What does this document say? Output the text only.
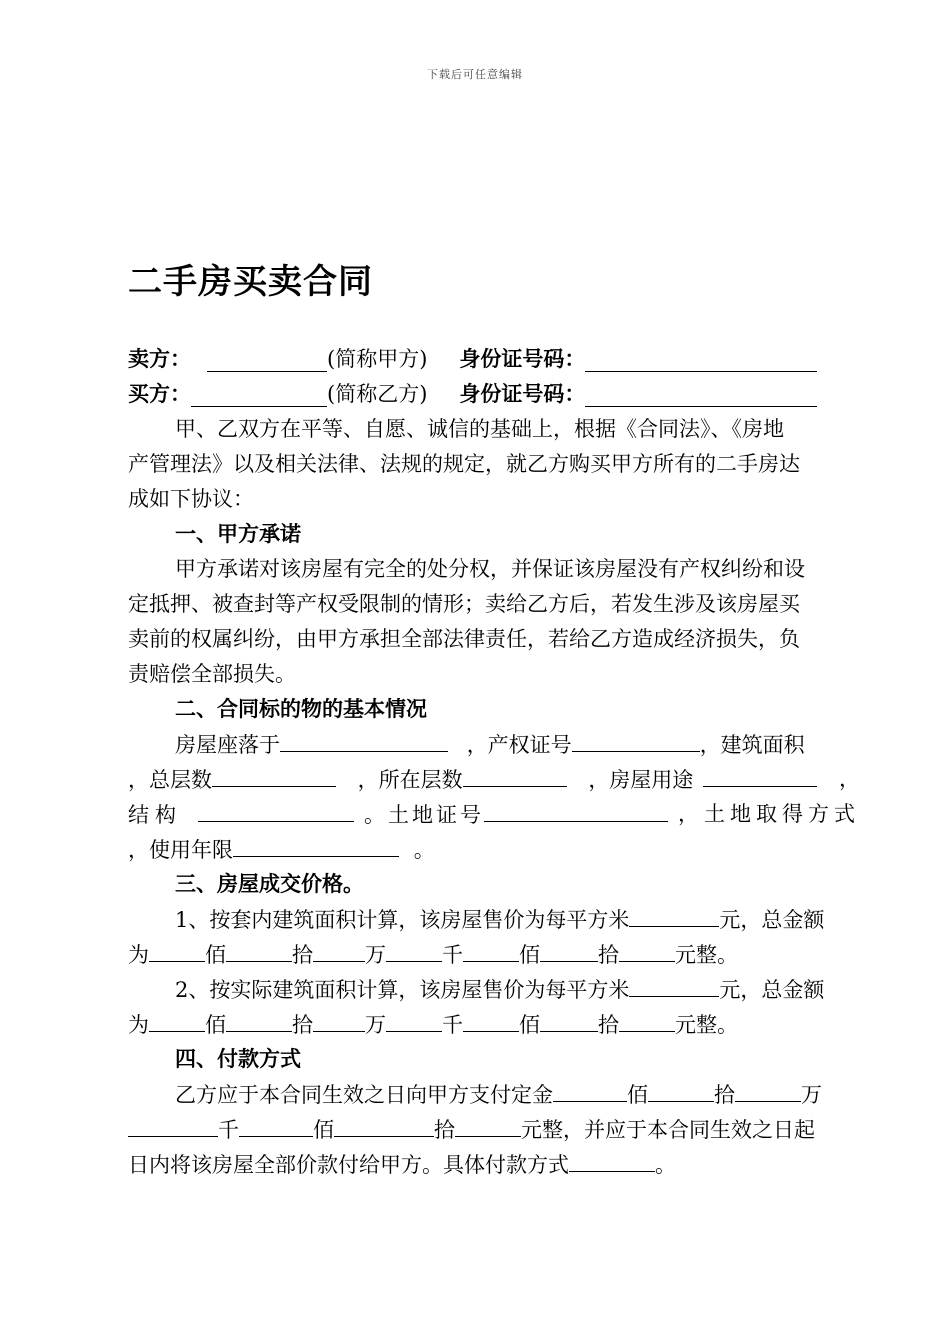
下载后可任意编辑
二手房买卖合同
卖方：	(简称甲方) 身份证号码：
买方：	(简称乙方) 身份证号码：
甲、乙双方在平等、自愿、诚信的基础上，根据《合同法》、《房地
产管理法》以及相关法律、法规的规定，就乙方购买甲方所有的二手房达
成如下协议：
一、甲方承诺
甲方承诺对该房屋有完全的处分权，并保证该房屋没有产权纠纷和设
定抵押、被查封等产权受限制的情形；卖给乙方后，若发生涉及该房屋买
卖前的权属纠纷，由甲方承担全部法律责任，若给乙方造成经济损失，负
责赔偿全部损失。
二、合同标的物的基本情况
房屋座落于	，产权证号	，建筑面积
，总层数	，所在层数	，房屋用途	，
结构	。土地证号	，土地取得方式
，使用年限	。
三、房屋成交价格。
1、按套内建筑面积计算，该房屋售价为每平方米	元，总金额
为	佰	拾 万	千	佰	拾	元整。
2、按实际建筑面积计算，该房屋售价为每平方米	元，总金额
为	佰	拾 万	千	佰	拾	元整。
四、付款方式
乙方应于本合同生效之日向甲方支付定金	佰	拾	万
千	佰	拾	元整，并应于本合同生效之日起
日内将该房屋全部价款付给甲方。具体付款方式	。
